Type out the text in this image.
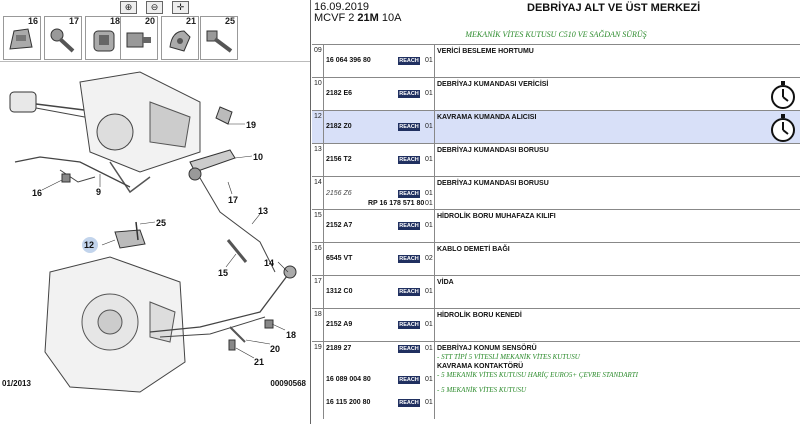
⊕	⊖	✛
16	17	18	20	21	25
19
10
16	9
17
13
25
12
15
14
18
20
21
01/2013	00090568
16.09.2019
MCVF 2 21M 10A
DEBRİYAJ ALT VE ÜST MERKEZİ
MEKANİK VİTES KUTUSU C510 VE SAĞDAN SÜRÜŞ
09	VERİCİ BESLEME HORTUMU
16 064 396 80	REACH 01
10	DEBRİYAJ KUMANDASI VERİCİSİ
2182 E6	REACH 01
12	KAVRAMA KUMANDA ALICISI
2182 Z0	REACH 01
13	DEBRİYAJ KUMANDASI BORUSU
2156 T2	REACH 01
14	DEBRİYAJ KUMANDASI BORUSU
2156 Z6	REACH 01
RP 16 178 571 80 01
15	HİDROLİK BORU MUHAFAZA KILIFI
2152 A7	REACH 01
16	KABLO DEMETİ BAĞI
6545 VT	REACH 02
17	VİDA
1312 C0	REACH 01
18	HİDROLİK BORU KENEDİ
2152 A9	REACH 01
19	DEBRİYAJ KONUM SENSÖRÜ
- STT TİPİ 5 VİTESLİ MEKANİK VİTES KUTUSU
2189 27	REACH 01
KAVRAMA KONTAKTÖRÜ
- 5 MEKANİK VİTES KUTUSU HARİÇ EURO5+ ÇEVRE STANDARTI
16 089 004 80	REACH 01
- 5 MEKANİK VİTES KUTUSU
16 115 200 80	REACH 01
